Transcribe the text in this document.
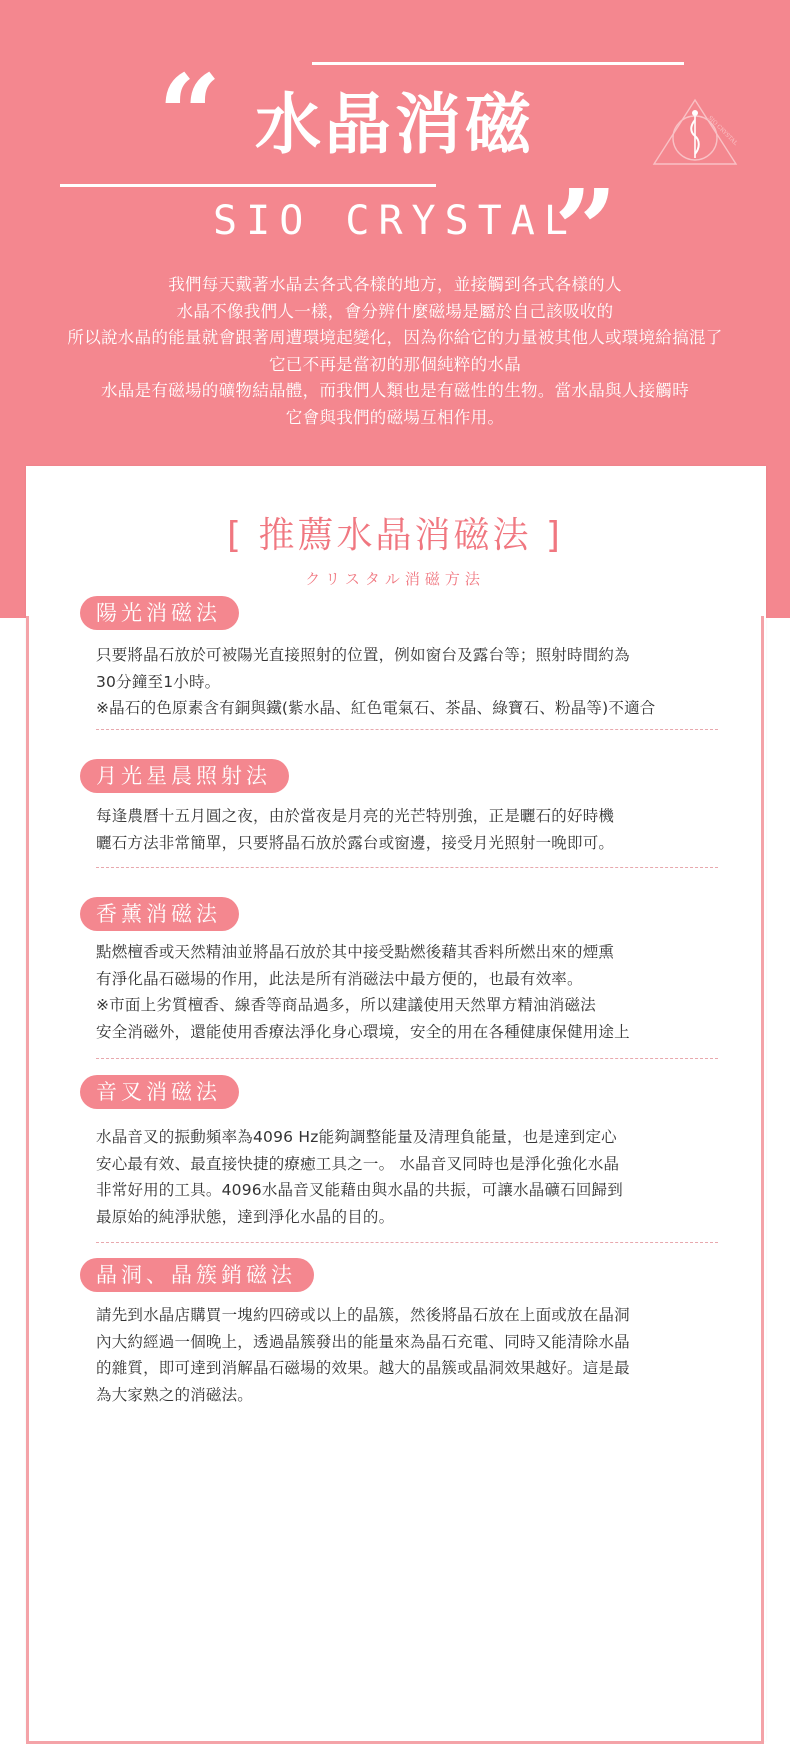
“ 水晶消磁 „	SIO CRYSTAL
SIO CRYSTAL
我們每天戴著水晶去各式各樣的地方，並接觸到各式各樣的人
水晶不像我們人一樣，會分辨什麼磁場是屬於自己該吸收的
所以說水晶的能量就會跟著周遭環境起變化，因為你給它的力量被其他人或環境給搞混了
它已不再是當初的那個純粹的水晶
水晶是有磁場的礦物結晶體，而我們人類也是有磁性的生物。當水晶與人接觸時
它會與我們的磁場互相作用。
[ 推薦水晶消磁法 ]
クリスタル消磁方法
陽光消磁法
只要將晶石放於可被陽光直接照射的位置，例如窗台及露台等；照射時間約為
30分鐘至1小時。
※晶石的色原素含有銅與鐵(紫水晶、紅色電氣石、茶晶、綠寶石、粉晶等)不適合
月光星晨照射法
每逢農曆十五月圓之夜，由於當夜是月亮的光芒特別強，正是曬石的好時機
曬石方法非常簡單，只要將晶石放於露台或窗邊，接受月光照射一晚即可。
香薰消磁法
點燃檀香或天然精油並將晶石放於其中接受點燃後藉其香料所燃出來的煙熏
有淨化晶石磁場的作用，此法是所有消磁法中最方便的，也最有效率。
※市面上劣質檀香、線香等商品過多，所以建議使用天然單方精油消磁法
安全消磁外，還能使用香療法淨化身心環境，安全的用在各種健康保健用途上
音叉消磁法
水晶音叉的振動頻率為4096 Hz能夠調整能量及清理負能量，也是達到定心
安心最有效、最直接快捷的療癒工具之一。 水晶音叉同時也是淨化強化水晶
非常好用的工具。4096水晶音叉能藉由與水晶的共振，可讓水晶礦石回歸到
最原始的純淨狀態，達到淨化水晶的目的。
晶洞、晶簇銷磁法
請先到水晶店購買一塊約四磅或以上的晶簇，然後將晶石放在上面或放在晶洞
內大約經過一個晚上，透過晶簇發出的能量來為晶石充電、同時又能清除水晶
的雜質，即可達到消解晶石磁場的效果。越大的晶簇或晶洞效果越好。這是最
為大家熟之的消磁法。
